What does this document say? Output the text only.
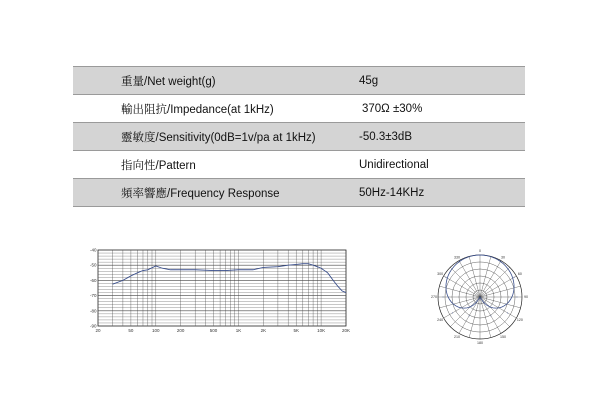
重量/Net weight(g)	45g
輸出阻抗/Impedance(at 1kHz)	370Ω ±30%
靈敏度/Sensitivity(0dB=1v/pa at 1kHz)	-50.3±3dB
指向性/Pattern	Unidirectional
頻率響應/Frequency Response	50Hz-14KHz
-40
-50
-60
-70
-80
-90
20	50	100	200	500	1K	2K	5K	10K	20K
0
30
60
90
120
150
180
210
240
270
300
330
